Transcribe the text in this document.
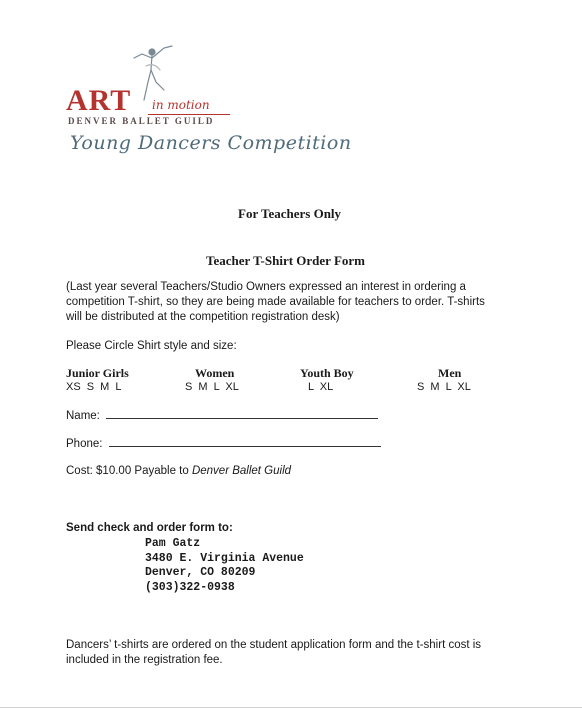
ART in motion
DENVER BALLET GUILD
Young Dancers Competition
For Teachers Only
Teacher T-Shirt Order Form
(Last year several Teachers/Studio Owners expressed an interest in ordering a
competition T-shirt, so they are being made available for teachers to order. T-shirts
will be distributed at the competition registration desk)
Please Circle Shirt style and size:
Junior Girls
XS S M L
Women
S M L XL
Youth Boy
L XL
Men
S M L XL
Name:
Phone:
Cost: $10.00 Payable to Denver Ballet Guild
Send check and order form to:
Pam Gatz
3480 E. Virginia Avenue
Denver, CO 80209
(303)322-0938
Dancers’ t-shirts are ordered on the student application form and the t-shirt cost is
included in the registration fee.
